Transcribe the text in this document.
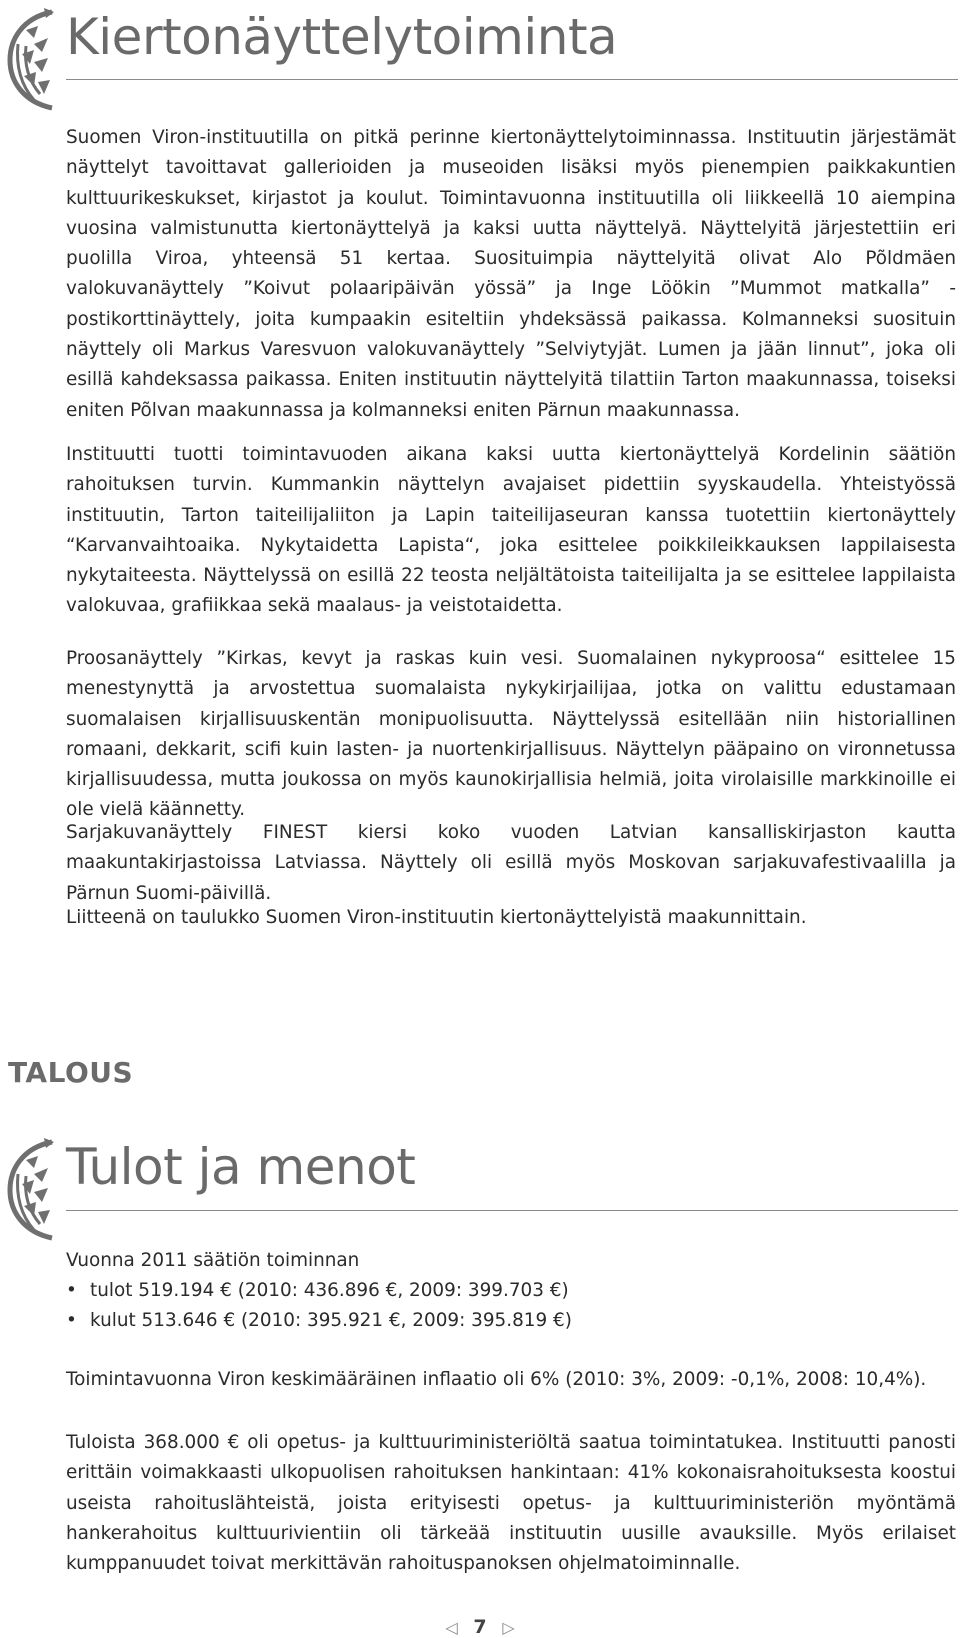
Kiertonäyttelytoiminta

Suomen Viron-instituutilla on pitkä perinne kiertonäyttelytoiminnassa. Instituutin järjestämät näyttelyt tavoittavat gallerioiden ja museoiden lisäksi myös pienempien paikkakuntien kulttuurikeskukset, kirjastot ja koulut. Toimintavuonna instituutilla oli liikkeellä 10 aiempina vuosina valmistunutta kiertonäyttelyä ja kaksi uutta näyttelyä. Näyttelyitä järjestettiin eri puolilla Viroa, yhteensä 51 kertaa. Suosituimpia näyttelyitä olivat Alo Põldmäen valokuvanäyttely ”Koivut polaaripäivän yössä” ja Inge Löökin ”Mummot matkalla” -postikorttinäyttely, joita kumpaakin esiteltiin yhdeksässä paikassa. Kolmanneksi suosituin näyttely oli Markus Varesvuon valokuvanäyttely ”Selviytyjät. Lumen ja jään linnut”, joka oli esillä kahdeksassa paikassa. Eniten instituutin näyttelyitä tilattiin Tarton maakunnassa, toiseksi eniten Põlvan maakunnassa ja kolmanneksi eniten Pärnun maakunnassa.

Instituutti tuotti toimintavuoden aikana kaksi uutta kiertonäyttelyä Kordelinin säätiön rahoituksen turvin. Kummankin näyttelyn avajaiset pidettiin syyskaudella. Yhteistyössä instituutin, Tarton taiteilijaliiton ja Lapin taiteilijaseuran kanssa tuotettiin kiertonäyttely “Karvanvaihtoaika. Nykytaidetta Lapista“, joka esittelee poikkileikkauksen lappilaisesta nykytaiteesta. Näyttelyssä on esillä 22 teosta neljältätoista taiteilijalta ja se esittelee lappilaista valokuvaa, grafiikkaa sekä maalaus- ja veistotaidetta.

Proosanäyttely ”Kirkas, kevyt ja raskas kuin vesi. Suomalainen nykyproosa“ esittelee 15 menestynyttä ja arvostettua suomalaista nykykirjailijaa, jotka on valittu edustamaan suomalaisen kirjallisuuskentän monipuolisuutta. Näyttelyssä esitellään niin historiallinen romaani, dekkarit, scifi kuin lasten- ja nuortenkirjallisuus. Näyttelyn pääpaino on vironnetussa kirjallisuudessa, mutta joukossa on myös kaunokirjallisia helmiä, joita virolaisille markkinoille ei ole vielä käännetty.

Sarjakuvanäyttely FINEST kiersi koko vuoden Latvian kansalliskirjaston kautta maakuntakirjastoissa Latviassa. Näyttely oli esillä myös Moskovan sarjakuvafestivaalilla ja Pärnun Suomi-päivillä.

Liitteenä on taulukko Suomen Viron-instituutin kiertonäyttelyistä maakunnittain.

TALOUS
Tulot ja menot

Vuonna 2011 säätiön toiminnan

• tulot 519.194 € (2010: 436.896 €, 2009: 399.703 €)
• kulut 513.646 € (2010: 395.921 €, 2009: 395.819 €)

Toimintavuonna Viron keskimääräinen inflaatio oli 6% (2010: 3%, 2009: -0,1%, 2008: 10,4%).

Tuloista 368.000 € oli opetus- ja kulttuuriministeriöltä saatua toimintatukea. Instituutti panosti erittäin voimakkaasti ulkopuolisen rahoituksen hankintaan: 41% kokonaisrahoituksesta koostui useista rahoituslähteistä, joista erityisesti opetus- ja kulttuuriministeriön myöntämä hankerahoitus kulttuurivientiin oli tärkeää instituutin uusille avauksille. Myös erilaiset kumppanuudet toivat merkittävän rahoituspanoksen ohjelmatoiminnalle.

◁ 7 ▷
